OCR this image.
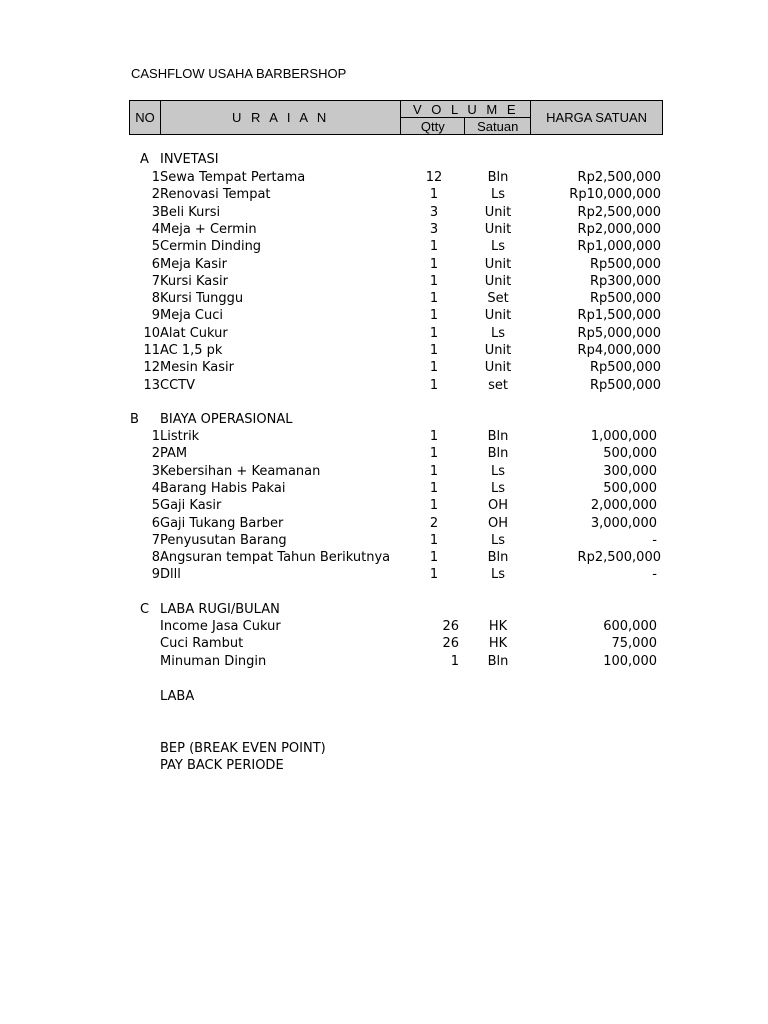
CASHFLOW USAHA BARBERSHOP
NO	U R A I A N	V O L U M E		HARGA SATUAN
		Qtty	Satuan	
A INVETASI
1 Sewa Tempat Pertama	12	Bln	Rp2,500,000
2 Renovasi Tempat	1	Ls	Rp10,000,000
3 Beli Kursi	3	Unit	Rp2,500,000
4 Meja + Cermin	3	Unit	Rp2,000,000
5 Cermin Dinding	1	Ls	Rp1,000,000
6 Meja Kasir	1	Unit	Rp500,000
7 Kursi Kasir	1	Unit	Rp300,000
8 Kursi Tunggu	1	Set	Rp500,000
9 Meja Cuci	1	Unit	Rp1,500,000
10 Alat Cukur	1	Ls	Rp5,000,000
11 AC 1,5 pk	1	Unit	Rp4,000,000
12 Mesin Kasir	1	Unit	Rp500,000
13 CCTV	1	set	Rp500,000
B BIAYA OPERASIONAL
1 Listrik	1	Bln	1,000,000
2 PAM	1	Bln	500,000
3 Kebersihan + Keamanan	1	Ls	300,000
4 Barang Habis Pakai	1	Ls	500,000
5 Gaji Kasir	1	OH	2,000,000
6 Gaji Tukang Barber	2	OH	3,000,000
7 Penyusutan Barang	1	Ls	-
8 Angsuran tempat Tahun Berikutnya	1	Bln	Rp2,500,000
9 Dlll	1	Ls	-
C LABA RUGI/BULAN
Income Jasa Cukur	26	HK	600,000
Cuci Rambut	26	HK	75,000
Minuman Dingin	1	Bln	100,000
LABA
BEP (BREAK EVEN POINT)
PAY BACK PERIODE
